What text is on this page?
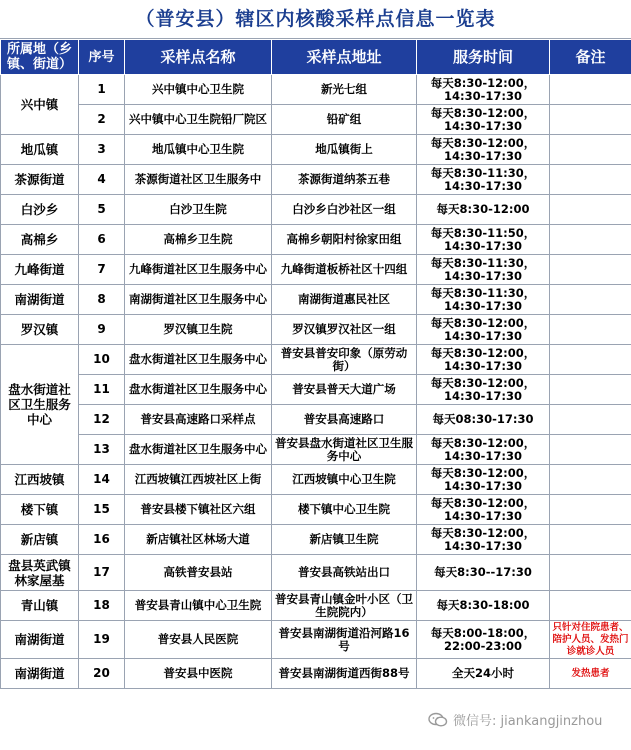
（普安县）辖区内核酸采样点信息一览表
所属地（乡镇、街道）	序号	采样点名称	采样点地址	服务时间	备注
兴中镇	1	兴中镇中心卫生院	新光七组	每天8:30-12:00，
14:30-17:30	
	2	兴中镇中心卫生院铅厂院区	铅矿组	每天8:30-12:00，
14:30-17:30	
地瓜镇	3	地瓜镇中心卫生院	地瓜镇街上	每天8:30-12:00，
14:30-17:30	
茶源街道	4	茶源街道社区卫生服务中	茶源街道纳茶五巷	每天8:30-11:30，
14:30-17:30	
白沙乡	5	白沙卫生院	白沙乡白沙社区一组	每天8:30-12:00	
高棉乡	6	高棉乡卫生院	高棉乡朝阳村徐家田组	每天8:30-11:50，
14:30-17:30	
九峰街道	7	九峰街道社区卫生服务中心	九峰街道板桥社区十四组	每天8:30-11:30，
14:30-17:30	
南湖街道	8	南湖街道社区卫生服务中心	南湖街道惠民社区	每天8:30-11:30，
14:30-17:30	
罗汉镇	9	罗汉镇卫生院	罗汉镇罗汉社区一组	每天8:30-12:00，
14:30-17:30	
盘水街道社区卫生服务中心	10	盘水街道社区卫生服务中心	普安县普安印象（原劳动街）	每天8:30-12:00，
14:30-17:30	
	11	盘水街道社区卫生服务中心	普安县普天大道广场	每天8:30-12:00，
14:30-17:30	
	12	普安县高速路口采样点	普安县高速路口	每天08:30-17:30	
	13	盘水街道社区卫生服务中心	普安县盘水街道社区卫生服务中心	每天8:30-12:00，
14:30-17:30	
江西坡镇	14	江西坡镇江西坡社区上街	江西坡镇中心卫生院	每天8:30-12:00，
14:30-17:30	
楼下镇	15	普安县楼下镇社区六组	楼下镇中心卫生院	每天8:30-12:00，
14:30-17:30	
新店镇	16	新店镇社区林场大道	新店镇卫生院	每天8:30-12:00，
14:30-17:30	
盘县英武镇林家屋基	17	高铁普安县站	普安县高铁站出口	每天8:30--17:30	
青山镇	18	普安县青山镇中心卫生院	普安县青山镇金叶小区（卫生院院内）	每天8:30-18:00	
南湖街道	19	普安县人民医院	普安县南湖街道沿河路16号	每天8:00-18:00，
22:00-23:00	只针对住院患者、陪护人员、发热门诊就诊人员
南湖街道	20	普安县中医院	普安县南湖街道西街88号	全天24小时	发热患者
微信号: jiankangjinzhou
